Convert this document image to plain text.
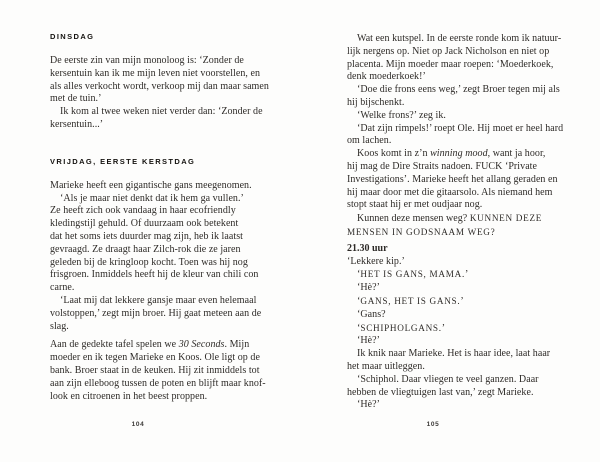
DINSDAG
De eerste zin van mijn monoloog is: ‘Zonder de
kersentuin kan ik me mijn leven niet voorstellen, en
als alles verkocht wordt, verkoop mij dan maar samen
met de tuin.’
Ik kom al twee weken niet verder dan: ‘Zonder de
kersentuin...’
VRIJDAG, EERSTE KERSTDAG
Marieke heeft een gigantische gans meegenomen.
‘Als je maar niet denkt dat ik hem ga vullen.’
Ze heeft zich ook vandaag in haar ecofriendly
kledingstijl gehuld. Of duurzaam ook betekent
dat het soms iets duurder mag zijn, heb ik laatst
gevraagd. Ze draagt haar Zilch-rok die ze jaren
geleden bij de kringloop kocht. Toen was hij nog
frisgroen. Inmiddels heeft hij de kleur van chili con
carne.
‘Laat mij dat lekkere gansje maar even helemaal
volstoppen,’ zegt mijn broer. Hij gaat meteen aan de
slag.
Aan de gedekte tafel spelen we 30 Seconds. Mijn
moeder en ik tegen Marieke en Koos. Ole ligt op de
bank. Broer staat in de keuken. Hij zit inmiddels tot
aan zijn elleboog tussen de poten en blijft maar knof-
look en citroenen in het beest proppen.
Wat een kutspel. In de eerste ronde kom ik natuur-
lijk nergens op. Niet op Jack Nicholson en niet op
placenta. Mijn moeder maar roepen: ‘Moederkoek,
denk moederkoek!’
‘Doe die frons eens weg,’ zegt Broer tegen mij als
hij bijschenkt.
‘Welke frons?’ zeg ik.
‘Dat zijn rimpels!’ roept Ole. Hij moet er heel hard
om lachen.
Koos komt in z’n winning mood, want ja hoor,
hij mag de Dire Straits nadoen. FUCK ‘Private
Investigations’. Marieke heeft het allang geraden en
hij maar door met die gitaarsolo. Als niemand hem
stopt staat hij er met oudjaar nog.
Kunnen deze mensen weg? KUNNEN DEZE
MENSEN IN GODSNAAM WEG?
21.30 uur
‘Lekkere kip.’
‘HET IS GANS, MAMA.’
‘Hè?’
‘GANS, HET IS GANS.’
‘Gans?
‘SCHIPHOLGANS.’
‘Hè?’
Ik knik naar Marieke. Het is haar idee, laat haar
het maar uitleggen.
‘Schiphol. Daar vliegen te veel ganzen. Daar
hebben de vliegtuigen last van,’ zegt Marieke.
‘Hè?’
104	105
